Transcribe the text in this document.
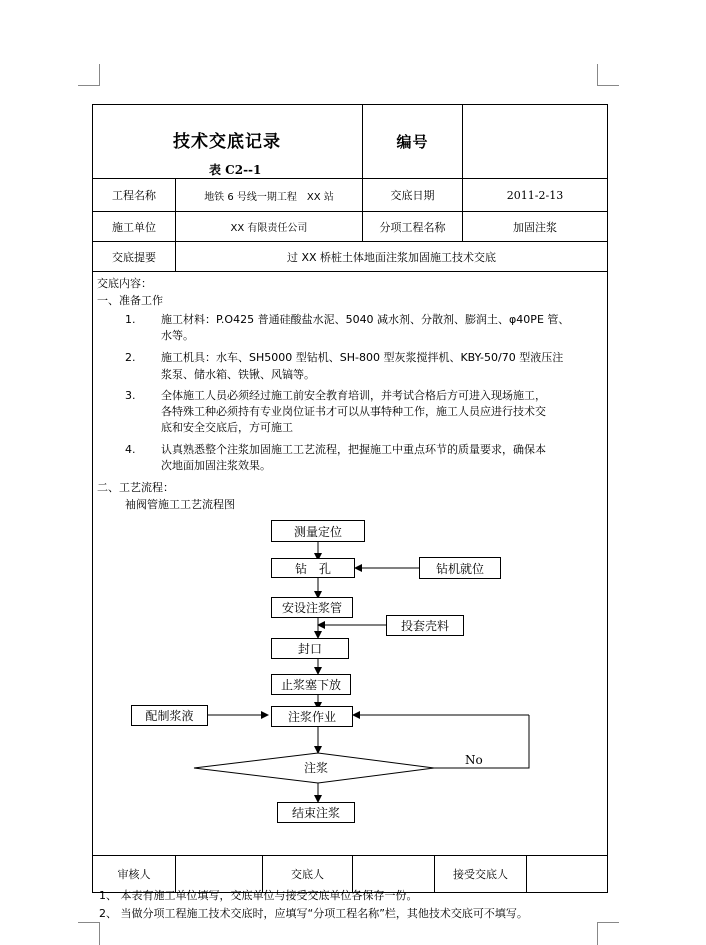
技术交底记录
表 C2--1
编号
工程名称	地铁 6 号线一期工程　XX 站	交底日期	2011-2-13
施工单位	XX 有限责任公司	分项工程名称	加固注浆
交底提要	过 XX 桥桩土体地面注浆加固施工技术交底
交底内容：
一、准备工作
1. 施工材料：P.O425 普通硅酸盐水泥、5040 减水剂、分散剂、膨润土、φ40PE 管、
水等。
2. 施工机具：水车、SH5000 型钻机、SH-800 型灰浆搅拌机、KBY-50/70 型液压注
浆泵、储水箱、铁锹、风镐等。
3. 全体施工人员必须经过施工前安全教育培训，并考试合格后方可进入现场施工，
各特殊工种必须持有专业岗位证书才可以从事特种工作，施工人员应进行技术交
底和安全交底后，方可施工
4. 认真熟悉整个注浆加固施工工艺流程，把握施工中重点环节的质量要求，确保本
次地面加固注浆效果。
二、工艺流程：
袖阀管施工工艺流程图
测量定位
钻　孔	钻机就位
安设注浆管
投套壳料
封口
止浆塞下放
配制浆液	注浆作业
注浆
No
结束注浆
审核人	交底人	接受交底人
1、 本表有施工单位填写，交底单位与接受交底单位各保存一份。
2、 当做分项工程施工技术交底时，应填写“分项工程名称”栏，其他技术交底可不填写。
